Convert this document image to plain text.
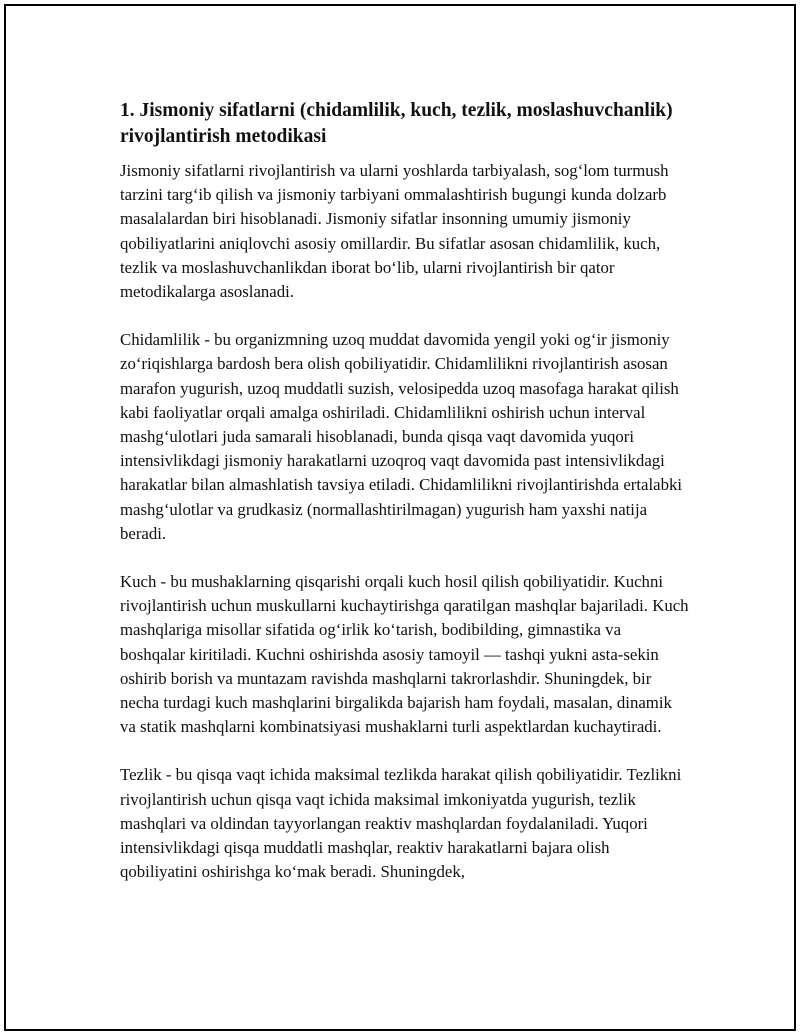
1. Jismoniy sifatlarni (chidamlilik, kuch, tezlik, moslashuvchanlik) rivojlantirish metodikasi

Jismoniy sifatlarni rivojlantirish va ularni yoshlarda tarbiyalash, sog‘lom turmush tarzini targ‘ib qilish va jismoniy tarbiyani ommalashtirish bugungi kunda dolzarb masalalardan biri hisoblanadi. Jismoniy sifatlar insonning umumiy jismoniy qobiliyatlarini aniqlovchi asosiy omillardir. Bu sifatlar asosan chidamlilik, kuch, tezlik va moslashuvchanlikdan iborat bo‘lib, ularni rivojlantirish bir qator metodikalarga asoslanadi.

Chidamlilik - bu organizmning uzoq muddat davomida yengil yoki og‘ir jismoniy zo‘riqishlarga bardosh bera olish qobiliyatidir. Chidamlilikni rivojlantirish asosan marafon yugurish, uzoq muddatli suzish, velosipedda uzoq masofaga harakat qilish kabi faoliyatlar orqali amalga oshiriladi. Chidamlilikni oshirish uchun interval mashg‘ulotlari juda samarali hisoblanadi, bunda qisqa vaqt davomida yuqori intensivlikdagi jismoniy harakatlarni uzoqroq vaqt davomida past intensivlikdagi harakatlar bilan almashlatish tavsiya etiladi. Chidamlilikni rivojlantirishda ertalabki mashg‘ulotlar va grudkasiz (normallashtirilmagan) yugurish ham yaxshi natija beradi.

Kuch - bu mushaklarning qisqarishi orqali kuch hosil qilish qobiliyatidir. Kuchni rivojlantirish uchun muskullarni kuchaytirishga qaratilgan mashqlar bajariladi. Kuch mashqlariga misollar sifatida og‘irlik ko‘tarish, bodibilding, gimnastika va boshqalar kiritiladi. Kuchni oshirishda asosiy tamoyil — tashqi yukni asta-sekin oshirib borish va muntazam ravishda mashqlarni takrorlashdir. Shuningdek, bir necha turdagi kuch mashqlarini birgalikda bajarish ham foydali, masalan, dinamik va statik mashqlarni kombinatsiyasi mushaklarni turli aspektlardan kuchaytiradi.

Tezlik - bu qisqa vaqt ichida maksimal tezlikda harakat qilish qobiliyatidir. Tezlikni rivojlantirish uchun qisqa vaqt ichida maksimal imkoniyatda yugurish, tezlik mashqlari va oldindan tayyorlangan reaktiv mashqlardan foydalaniladi. Yuqori intensivlikdagi qisqa muddatli mashqlar, reaktiv harakatlarni bajara olish qobiliyatini oshirishga ko‘mak beradi. Shuningdek,
